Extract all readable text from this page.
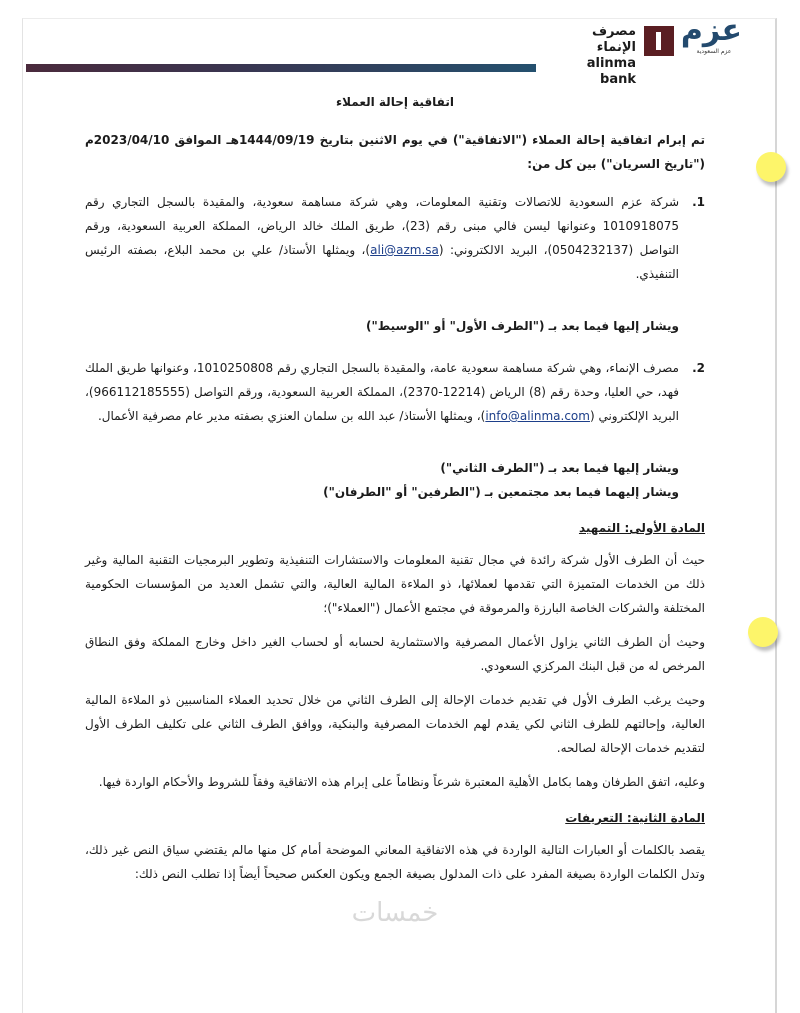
مصرف الإنماء
alinma bank
عزم
عزم السعودية

اتفاقية إحالة العملاء

تم إبرام اتفاقية إحالة العملاء ("الاتفاقية") في يوم الاثنين بتاريخ 1444/09/19هـ الموافق 2023/04/10م ("تاريخ السريان") بين كل من:

1.

شركة عزم السعودية للاتصالات وتقنية المعلومات، وهي شركة مساهمة سعودية، والمقيدة بالسجل التجاري رقم 1010918075 وعنوانها ليسن فالي مبنى رقم (23)، طريق الملك خالد الرياض، المملكة العربية السعودية، ورقم التواصل (0504232137)، البريد الالكتروني: (ali@azm.sa)، ويمثلها الأستاذ/ علي بن محمد البلاع، بصفته الرئيس التنفيذي.

ويشار إليها فيما بعد بـ ("الطرف الأول" أو "الوسيط")

2.

مصرف الإنماء، وهي شركة مساهمة سعودية عامة، والمقيدة بالسجل التجاري رقم 1010250808، وعنوانها طريق الملك فهد، حي العليا، وحدة رقم (8) الرياض (12214-2370)، المملكة العربية السعودية، ورقم التواصل (966112185555)، البريد الإلكتروني (info@alinma.com)، ويمثلها الأستاذ/ عبد الله بن سلمان العنزي بصفته مدير عام مصرفية الأعمال.

ويشار إليها فيما بعد بـ ("الطرف الثاني")

ويشار إليهما فيما بعد مجتمعين بـ ("الطرفين" أو "الطرفان")

المادة الأولى: التمهيد

حيث أن الطرف الأول شركة رائدة في مجال تقنية المعلومات والاستشارات التنفيذية وتطوير البرمجيات التقنية المالية وغير ذلك من الخدمات المتميزة التي تقدمها لعملائها، ذو الملاءة المالية العالية، والتي تشمل العديد من المؤسسات الحكومية المختلفة والشركات الخاصة البارزة والمرموقة في مجتمع الأعمال ("العملاء")؛

وحيث أن الطرف الثاني يزاول الأعمال المصرفية والاستثمارية لحسابه أو لحساب الغير داخل وخارج المملكة وفق النطاق المرخص له من قبل البنك المركزي السعودي.

وحيث يرغب الطرف الأول في تقديم خدمات الإحالة إلى الطرف الثاني من خلال تحديد العملاء المناسبين ذو الملاءة المالية العالية، وإحالتهم للطرف الثاني لكي يقدم لهم الخدمات المصرفية والبنكية، ووافق الطرف الثاني على تكليف الطرف الأول لتقديم خدمات الإحالة لصالحه.

وعليه، اتفق الطرفان وهما بكامل الأهلية المعتبرة شرعاً ونظاماً على إبرام هذه الاتفاقية وفقاً للشروط والأحكام الواردة فيها.

المادة الثانية: التعريفات

يقصد بالكلمات أو العبارات التالية الواردة في هذه الاتفاقية المعاني الموضحة أمام كل منها مالم يقتضي سياق النص غير ذلك، وتدل الكلمات الواردة بصيغة المفرد على ذات المدلول بصيغة الجمع ويكون العكس صحيحاً أيضاً إذا تطلب النص ذلك:

خمسات
